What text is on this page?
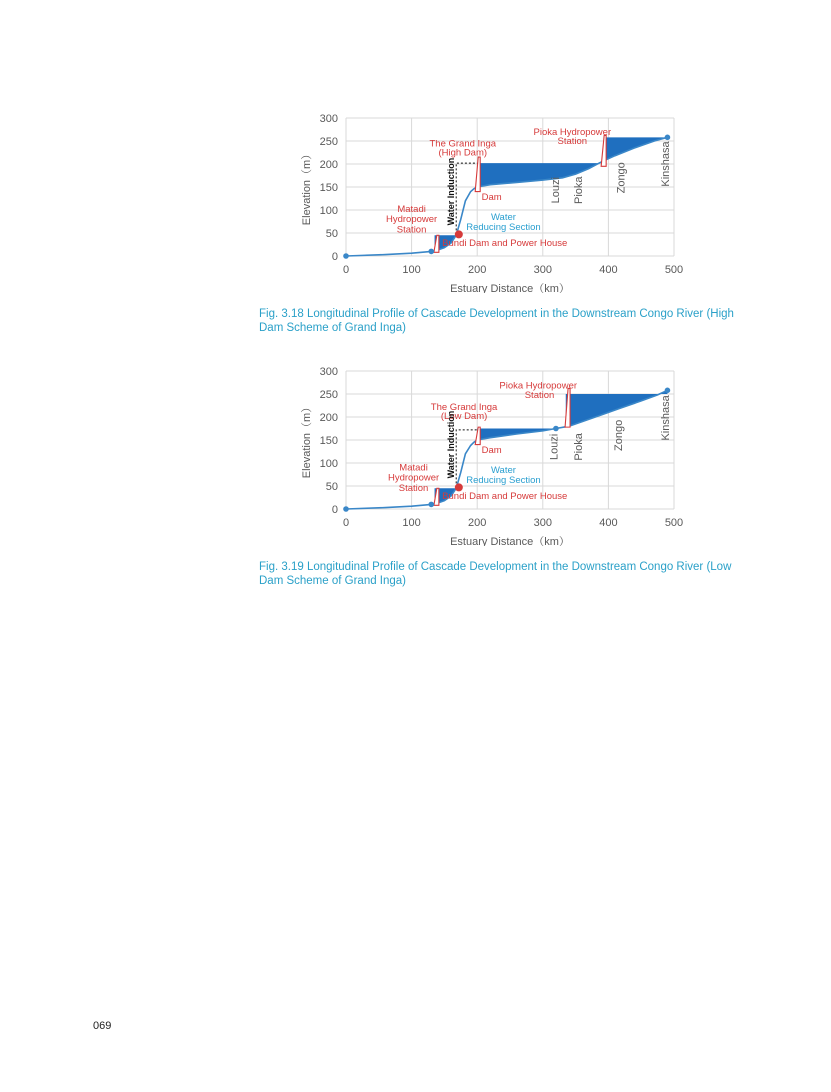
0
50
100
150
200
250
300
0	100	200	300	400	500
Estuary Distance（km）
Elevation（m）
The Grand Inga
(High Dam)
Pioka Hydropower
Station
Matadi
Hydropower
Station
Dam
Bundi Dam and Power House
Water
Reducing Section
Water Induction	Louzi Pioka	Zongo	Kinshasa
Fig. 3.18 Longitudinal Profile of Cascade Development in the Downstream Congo River (High Dam Scheme of Grand Inga)
0
50
100
150
200
250
300
0	100	200	300	400	500
Estuary Distance（km）
Elevation（m）	The Grand Inga
(Low Dam)
Pioka Hydropower
Station
Matadi
Hydropower
Station
Dam
Bundi Dam and Power House
Water
Reducing Section
Water Induction	Louzi Pioka	Zongo	Kinshasa
Fig. 3.19 Longitudinal Profile of Cascade Development in the Downstream Congo River (Low Dam Scheme of Grand Inga)
069
